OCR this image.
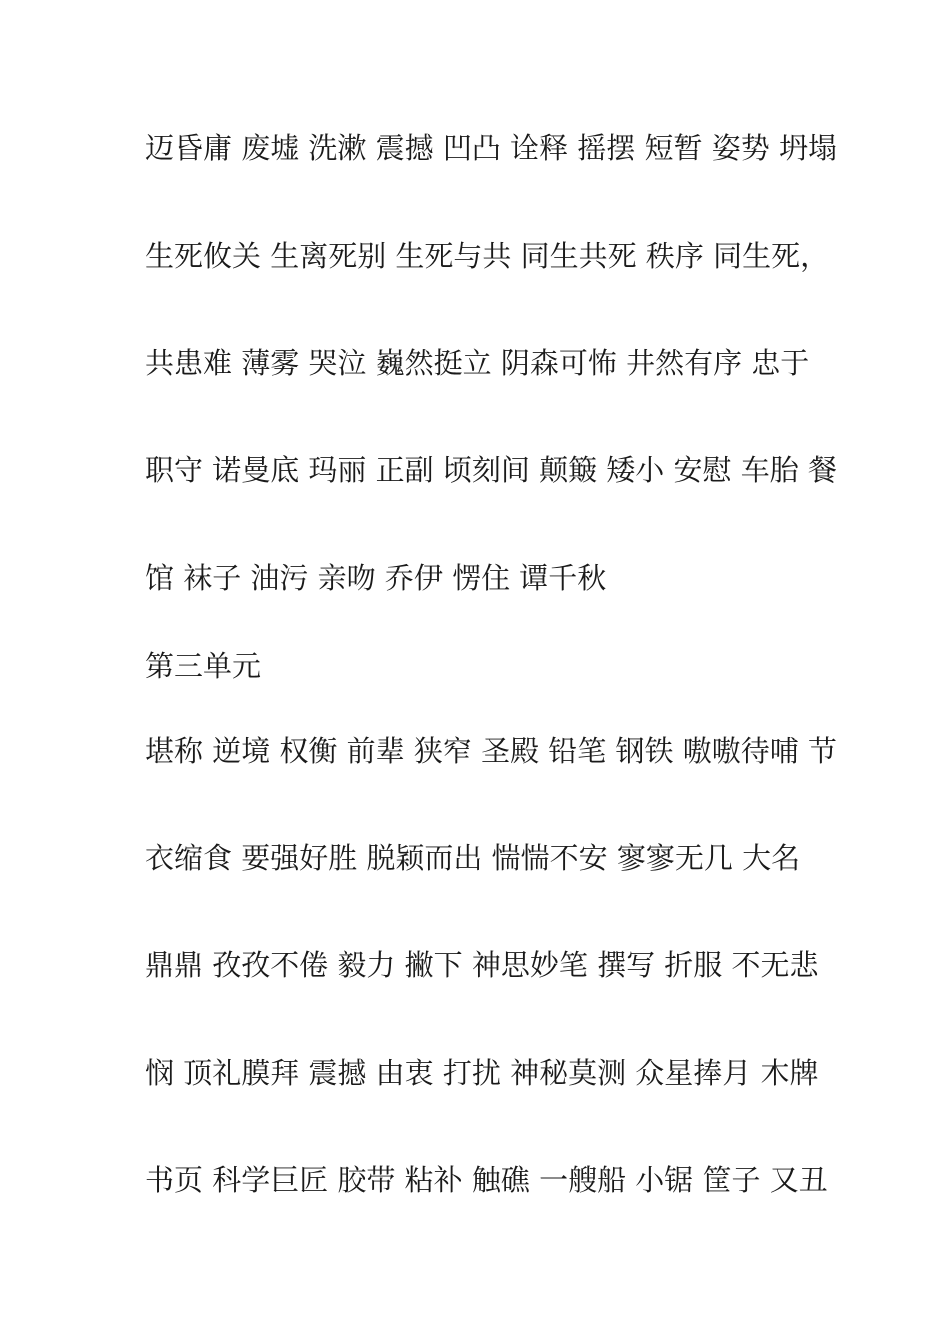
迈昏庸 废墟 洗漱 震撼 凹凸 诠释 摇摆 短暂 姿势 坍塌
生死攸关 生离死别 生死与共 同生共死 秩序 同生死，
共患难 薄雾 哭泣 巍然挺立 阴森可怖 井然有序 忠于
职守 诺曼底 玛丽 正副 顷刻间 颠簸 矮小 安慰 车胎 餐
馆 袜子 油污 亲吻 乔伊 愣住 谭千秋
第三单元
堪称 逆境 权衡 前辈 狭窄 圣殿 铅笔 钢铁 嗷嗷待哺 节
衣缩食 要强好胜 脱颖而出 惴惴不安 寥寥无几 大名
鼎鼎 孜孜不倦 毅力 撇下 神思妙笔 撰写 折服 不无悲
悯 顶礼膜拜 震撼 由衷 打扰 神秘莫测 众星捧月 木牌
书页 科学巨匠 胶带 粘补 触礁 一艘船 小锯 筐子 又丑
